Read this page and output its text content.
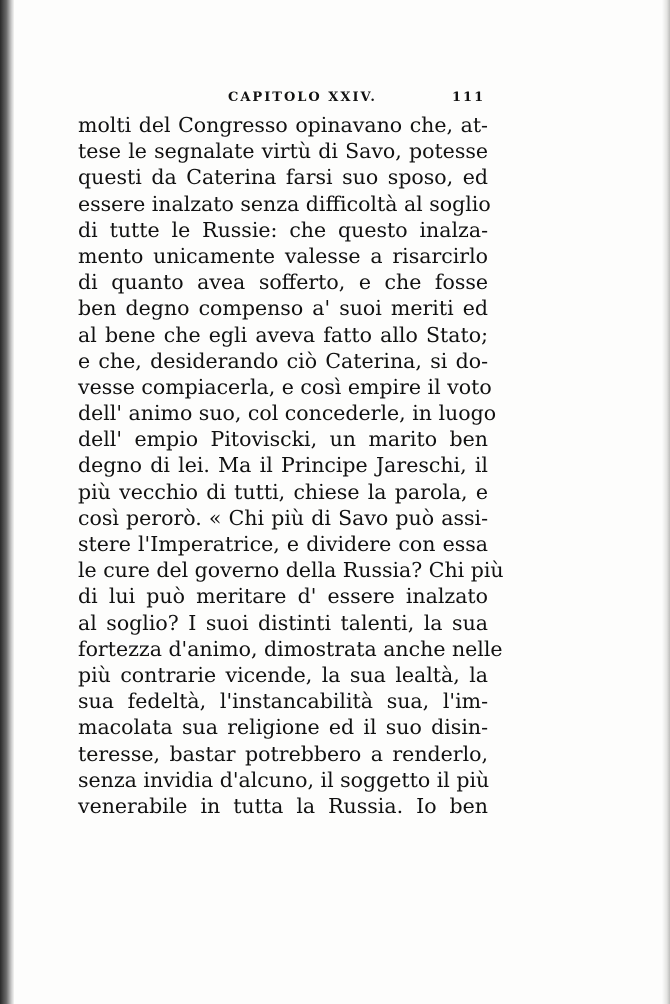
CAPITOLO XXIV.	111
molti del Congresso opinavano che, at-
tese le segnalate virtù di Savo, potesse
questi da Caterina farsi suo sposo, ed
essere inalzato senza difficoltà al soglio
di tutte le Russie: che questo inalza-
mento unicamente valesse a risarcirlo
di quanto avea sofferto, e che fosse
ben degno compenso a' suoi meriti ed
al bene che egli aveva fatto allo Stato;
e che, desiderando ciò Caterina, si do-
vesse compiacerla, e così empire il voto
dell' animo suo, col concederle, in luogo
dell' empio Pitoviscki, un marito ben
degno di lei. Ma il Principe Jareschi, il
più vecchio di tutti, chiese la parola, e
così perorò. « Chi più di Savo può assi-
stere l'Imperatrice, e dividere con essa
le cure del governo della Russia? Chi più
di lui può meritare d' essere inalzato
al soglio? I suoi distinti talenti, la sua
fortezza d'animo, dimostrata anche nelle
più contrarie vicende, la sua lealtà, la
sua fedeltà, l'instancabilità sua, l'im-
macolata sua religione ed il suo disin-
teresse, bastar potrebbero a renderlo,
senza invidia d'alcuno, il soggetto il più
venerabile in tutta la Russia. Io ben
